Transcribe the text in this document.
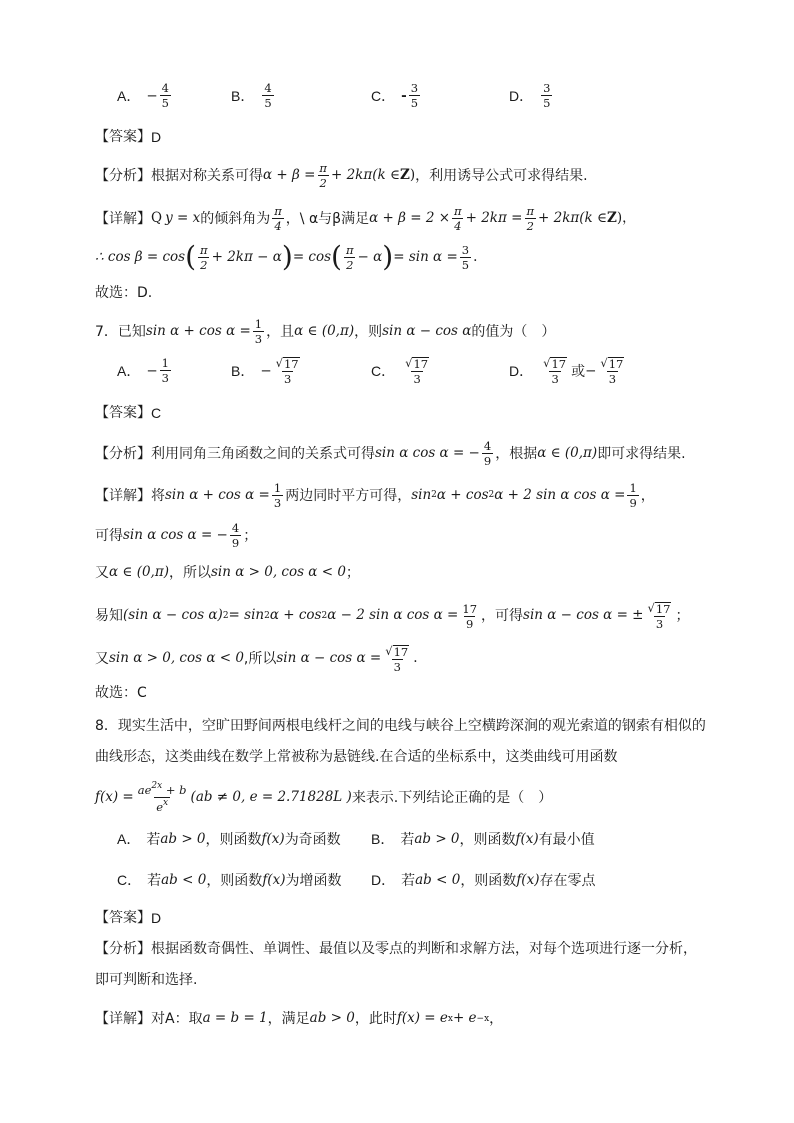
A． − $\frac{4}{5}$	B． $\frac{4}{5}$	C． - $\frac{3}{5}$	D． $\frac{3}{5}$
【答案】 D
【分析】 根据对称关系可得 $\alpha + \beta = \frac{\pi}{2} + 2k\pi(k$ ∈ Z ) ，利用诱导公式可求得结果.
【详解】 Q y = x 的倾斜角为 $\frac{\pi}{4}$ ，\ α与β满足 $\alpha + \beta = 2 \times \frac{\pi}{4} + 2k\pi = \frac{\pi}{2} + 2k\pi(k$ ∈ Z )，
∴ cos β = cos ( $\frac{\pi}{2} + 2k\pi - \alpha$ ) = cos ( $\frac{\pi}{2} - \alpha$ ) = $\sin \alpha = \frac{3}{5}$ .
故选：D.
7．已知 $\sin \alpha + \cos \alpha = \frac{1}{3}$ ，且 α ∈ (0,π) ，则 sin α − cos α 的值为（　）
A． − $\frac{1}{3}$	B． − $\frac{√ 17}{3}$	C． $\frac{√ 17}{3}$	D． $\frac{√ 17}{3}$ 或 − $\frac{√ 17}{3}$
【答案】 C
【分析】 利用同角三角函数之间的关系式可得 sin α cos α = − $\frac{4}{9}$ ，根据 α ∈ (0,π) 即可求得结果.
【详解】 将 $\sin \alpha + \cos \alpha = \frac{1}{3}$ 两边同时平方可得， sin 2 α + cos 2 α + 2 sin α $\cos \alpha = \frac{1}{9}$ ，
可得 sin α cos α = − $\frac{4}{9}$ ；
又 α ∈ (0,π) ，所以 sin α > 0, cos α < 0 ；
易知 (sin α − cos α) 2 = sin 2 α + cos 2 α − 2 sin α $\cos \alpha = \frac{17}{9}$ ，可得 sin α − cos α = ± $\frac{√ 17}{3}$ ；
又 sin α > 0, cos α < 0 ,所以 $\sin \alpha - \cos \alpha = \frac{√ 17}{3}$ .
故选：C
8．现实生活中，空旷田野间两根电线杆之间的电线与峡谷上空横跨深涧的观光索道的钢索有相似的
曲线形态，这类曲线在数学上常被称为悬链线.在合适的坐标系中，这类曲线可用函数
$f(x) = \frac{ae^{2x} + b}{e^x} (ab \ne 0$, e = 2.71828L ) 来表示.下列结论正确的是（　）
A． 若 ab > 0 ，则函数 f(x) 为奇函数 B． 若 ab > 0 ，则函数 f(x) 有最小值
C． 若 ab < 0 ，则函数 f(x) 为增函数 D． 若 ab < 0 ，则函数 f(x) 存在零点
【答案】 D
【分析】 根据函数奇偶性、单调性、最值以及零点的判断和求解方法，对每个选项进行逐一分析，
即可判断和选择.
【详解】 对A：取 a = b = 1 ，满足 ab > 0 ，此时 f(x) = e x + e −x ，
